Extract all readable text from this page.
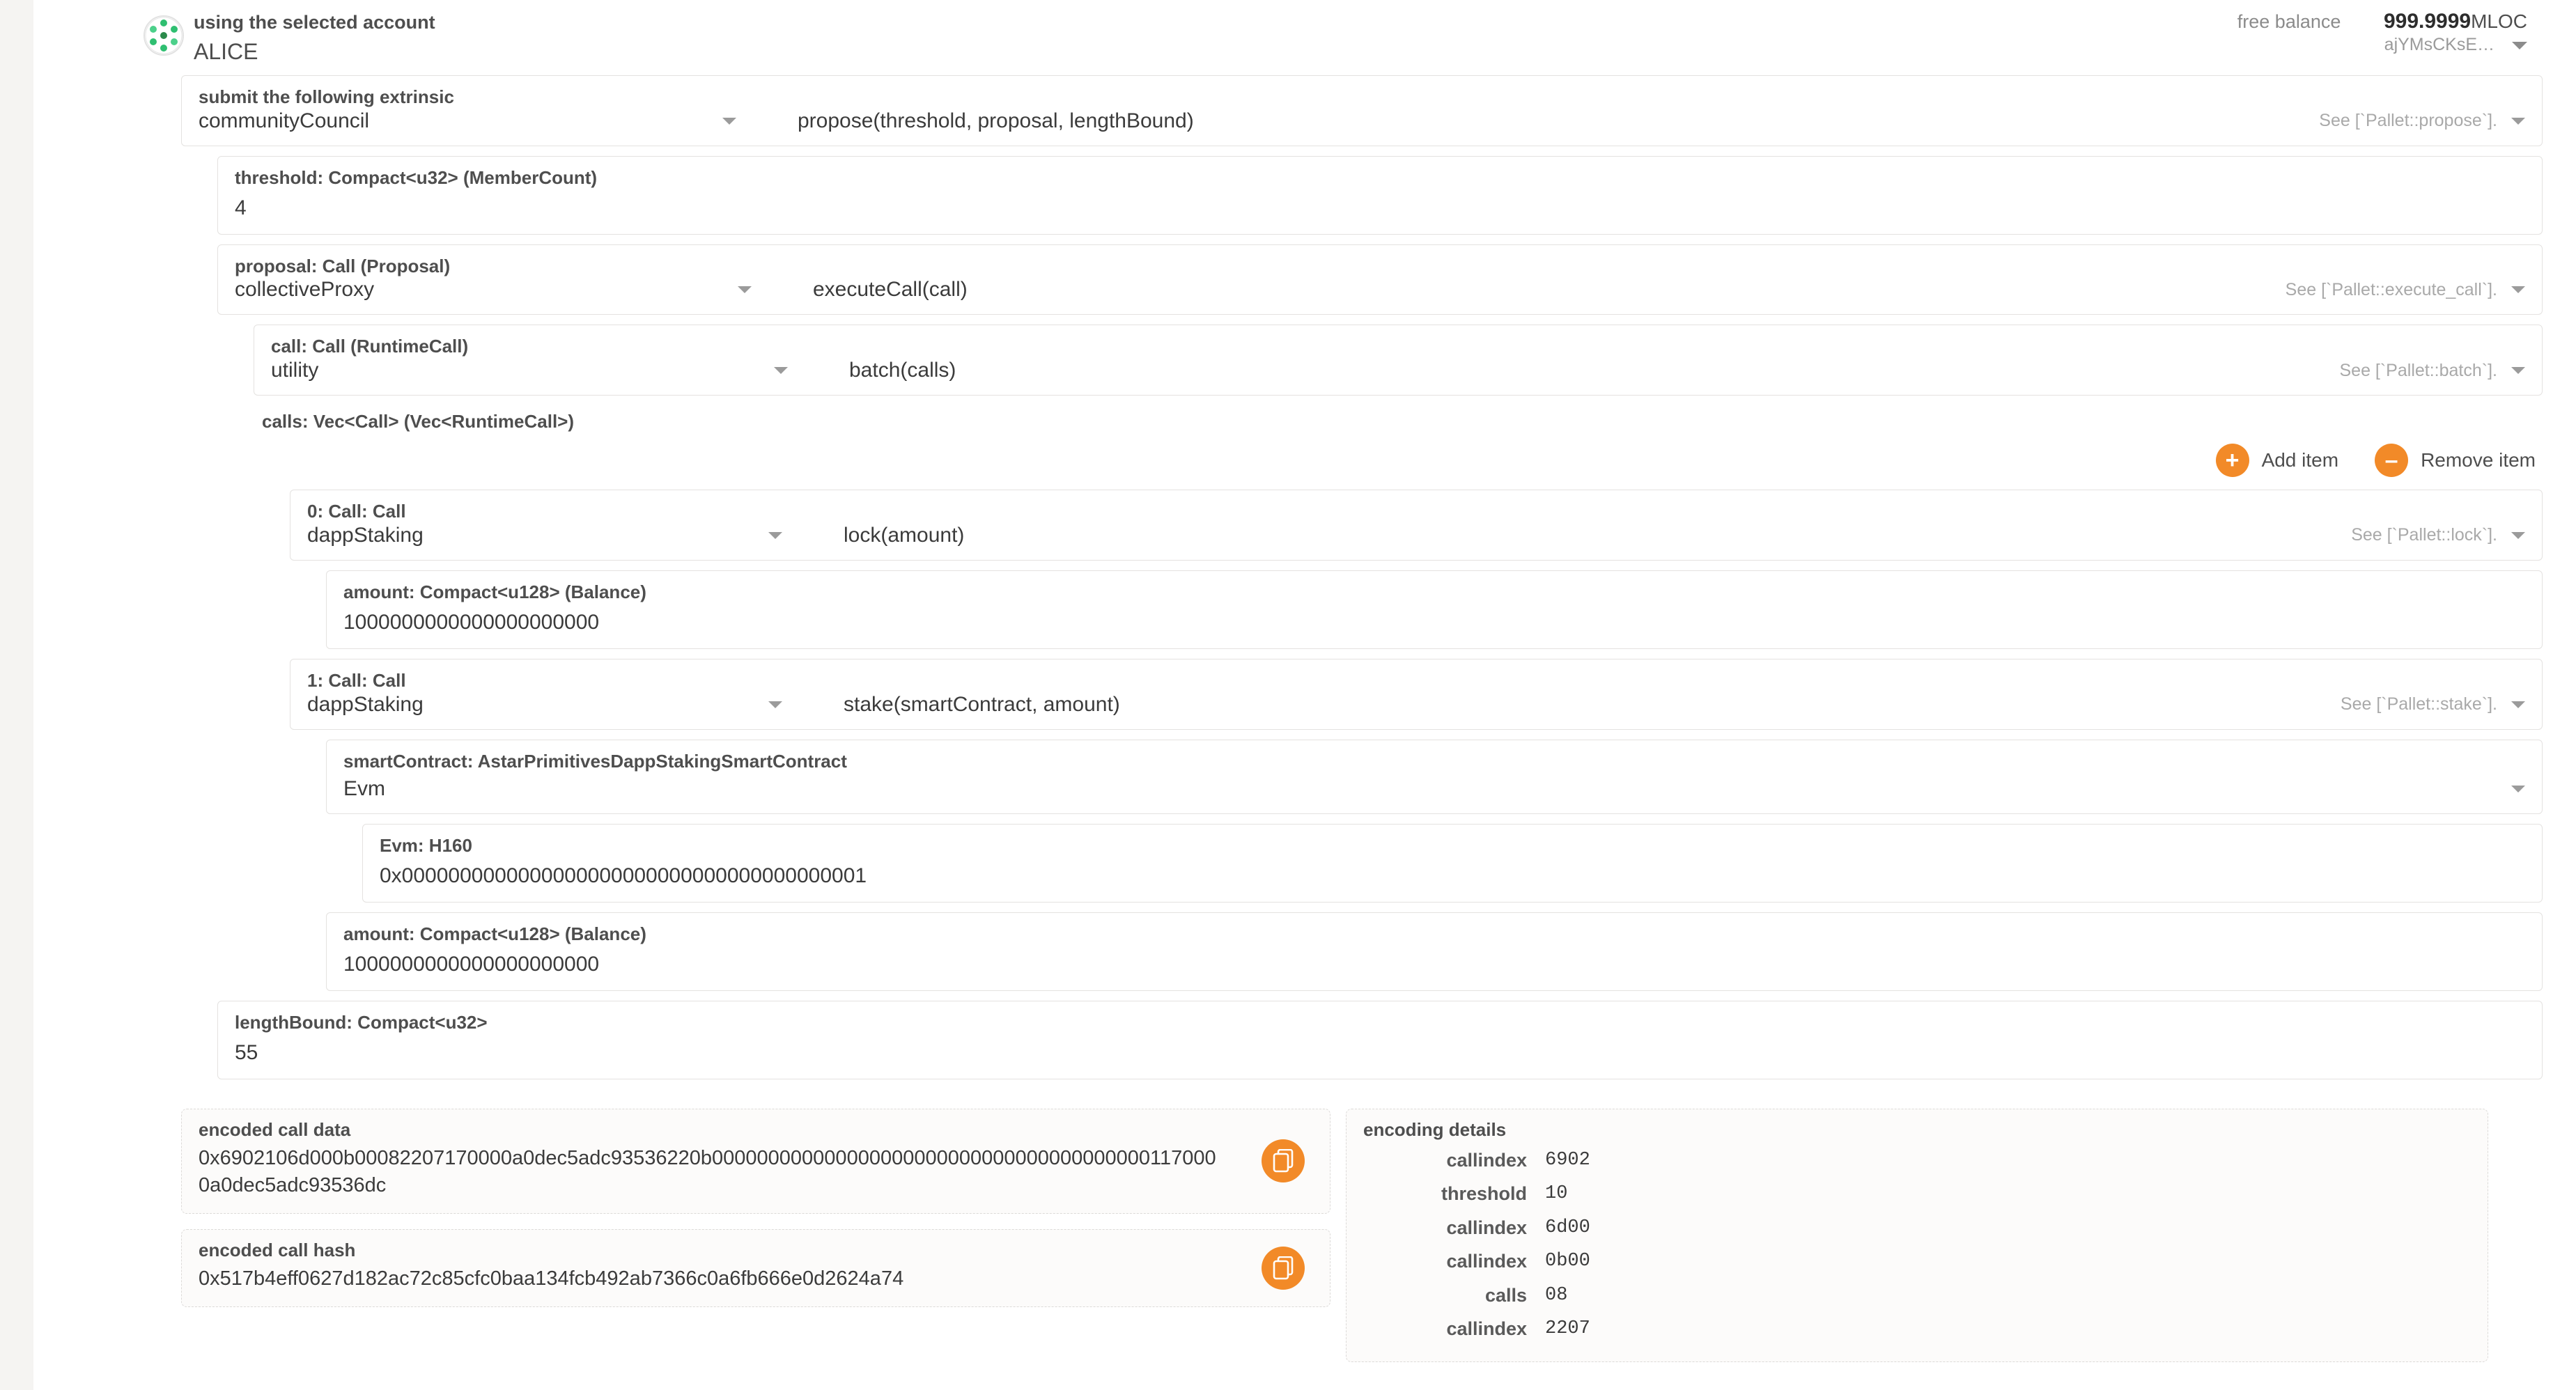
using the selected account
ALICE
free balance 999.9999MLOC
ajYMsCKsE…
submit the following extrinsic
communityCouncil	propose(threshold, proposal, lengthBound)	See [`Pallet::propose`].
threshold: Compact<u32> (MemberCount)
4
proposal: Call (Proposal)
collectiveProxy	executeCall(call)	See [`Pallet::execute_call`].
call: Call (RuntimeCall)
utility	batch(calls)	See [`Pallet::batch`].
calls: Vec<Call> (Vec<RuntimeCall>)
+	Add item	–	Remove item
0: Call: Call
dappStaking	lock(amount)	See [`Pallet::lock`].
amount: Compact<u128> (Balance)
1000000000000000000000
1: Call: Call
dappStaking	stake(smartContract, amount)	See [`Pallet::stake`].
smartContract: AstarPrimitivesDappStakingSmartContract
Evm
Evm: H160
0x0000000000000000000000000000000000000001
amount: Compact<u128> (Balance)
1000000000000000000000
lengthBound: Compact<u32>
55
encoded call data
0x6902106d000b00082207170000a0dec5adc93536220b0000000000000000000000000000000000000001170000a0dec5adc93536dc
encoded call hash
0x517b4eff0627d182ac72c85cfc0baa134fcb492ab7366c0a6fb666e0d2624a74
encoding details
callindex 6902
threshold 10
callindex 6d00
callindex 0b00
calls 08
callindex 2207
